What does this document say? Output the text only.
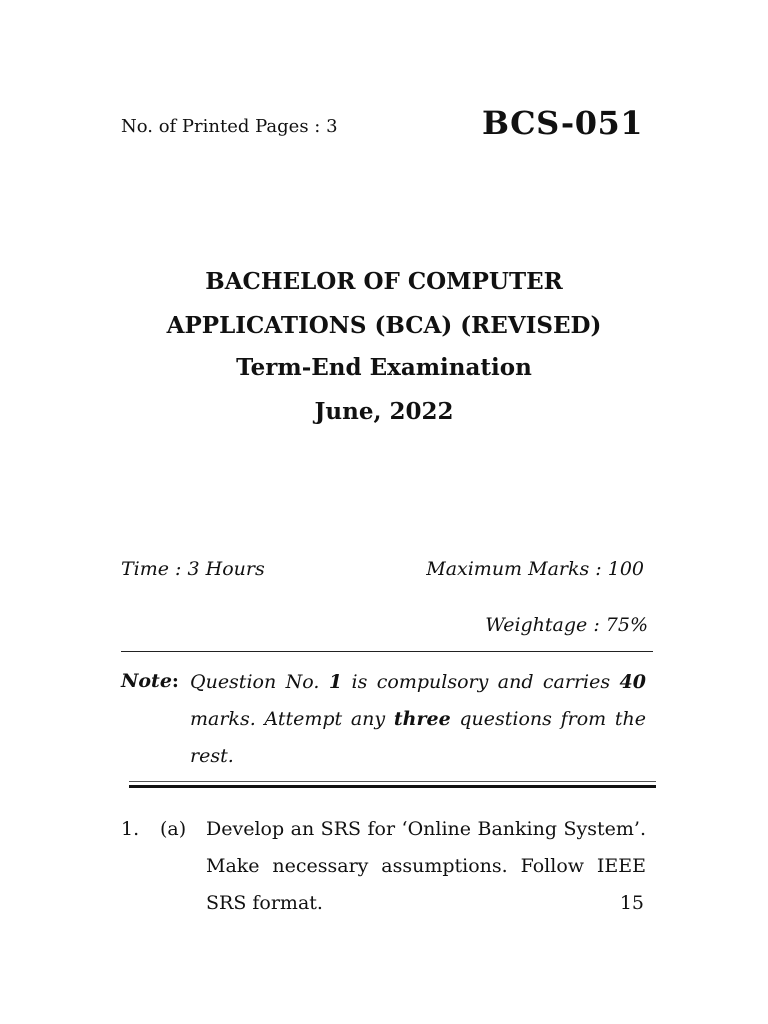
No. of Printed Pages : 3	BCS-051
BACHELOR OF COMPUTER
APPLICATIONS (BCA) (REVISED)
Term-End Examination
June, 2022
Time : 3 Hours	Maximum Marks : 100
Weightage : 75%
Note: Question No. 1 is compulsory and carries 40 marks. Attempt any three questions from the rest.
1. (a) Develop an SRS for ‘Online Banking System’. Make necessary assumptions. Follow IEEE SRS format.	15
